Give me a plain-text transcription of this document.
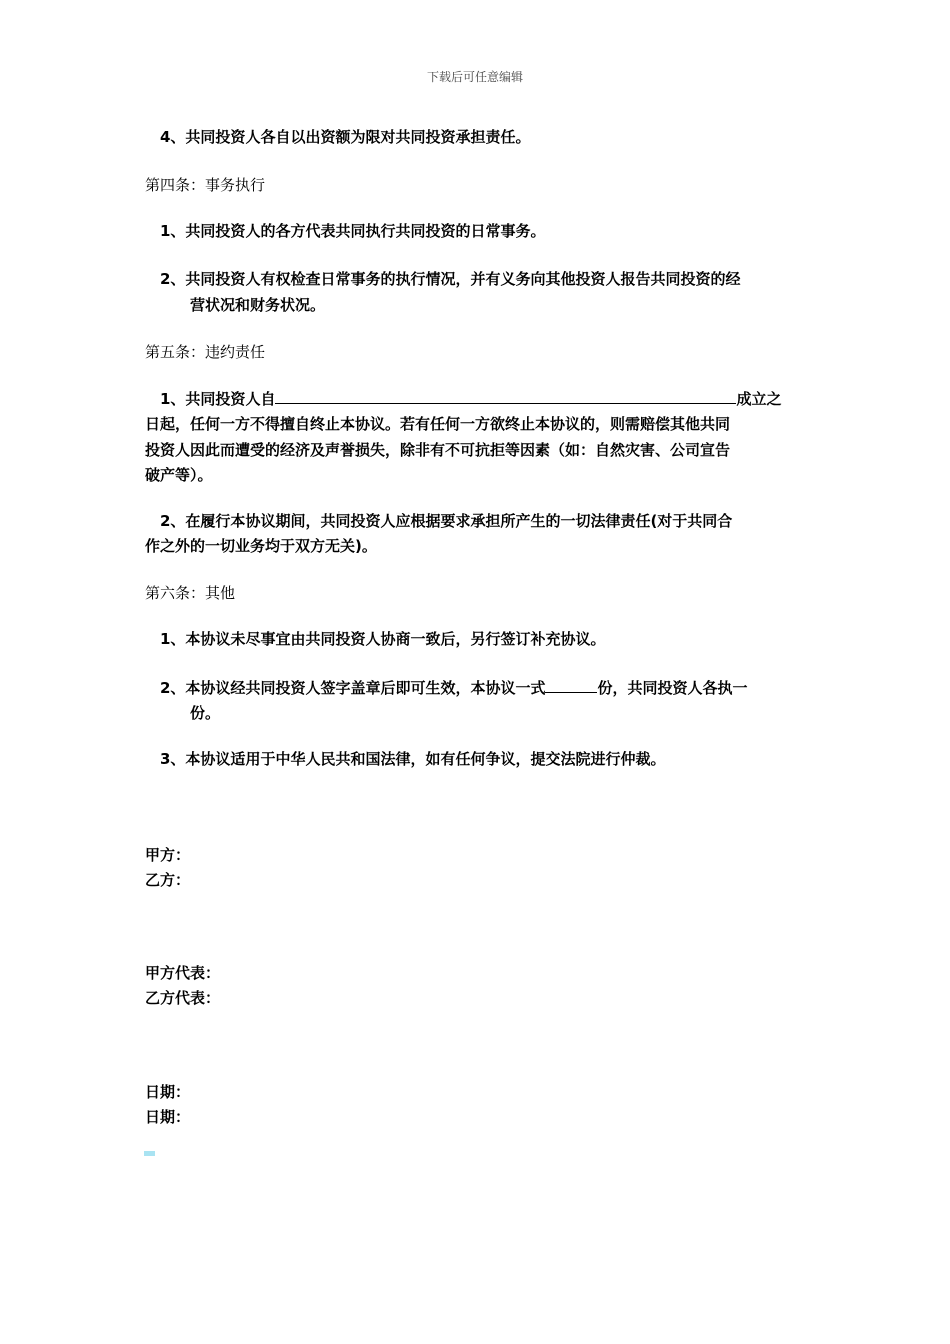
下载后可任意编辑
4、共同投资人各自以出资额为限对共同投资承担责任。
第四条：事务执行
1、共同投资人的各方代表共同执行共同投资的日常事务。
2、共同投资人有权检查日常事务的执行情况，并有义务向其他投资人报告共同投资的经
营状况和财务状况。
第五条：违约责任
1、共同投资人自	成立之
日起，任何一方不得擅自终止本协议。若有任何一方欲终止本协议的，则需赔偿其他共同
投资人因此而遭受的经济及声誉损失，除非有不可抗拒等因素（如：自然灾害、公司宣告
破产等）。
2、在履行本协议期间，共同投资人应根据要求承担所产生的一切法律责任(对于共同合
作之外的一切业务均于双方无关)。
第六条：其他
1、本协议未尽事宜由共同投资人协商一致后，另行签订补充协议。
2、本协议经共同投资人签字盖章后即可生效，本协议一式	份，共同投资人各执一
份。
3、本协议适用于中华人民共和国法律，如有任何争议，提交法院进行仲裁。
甲方：
乙方：
甲方代表：
乙方代表：
日期：
日期：
